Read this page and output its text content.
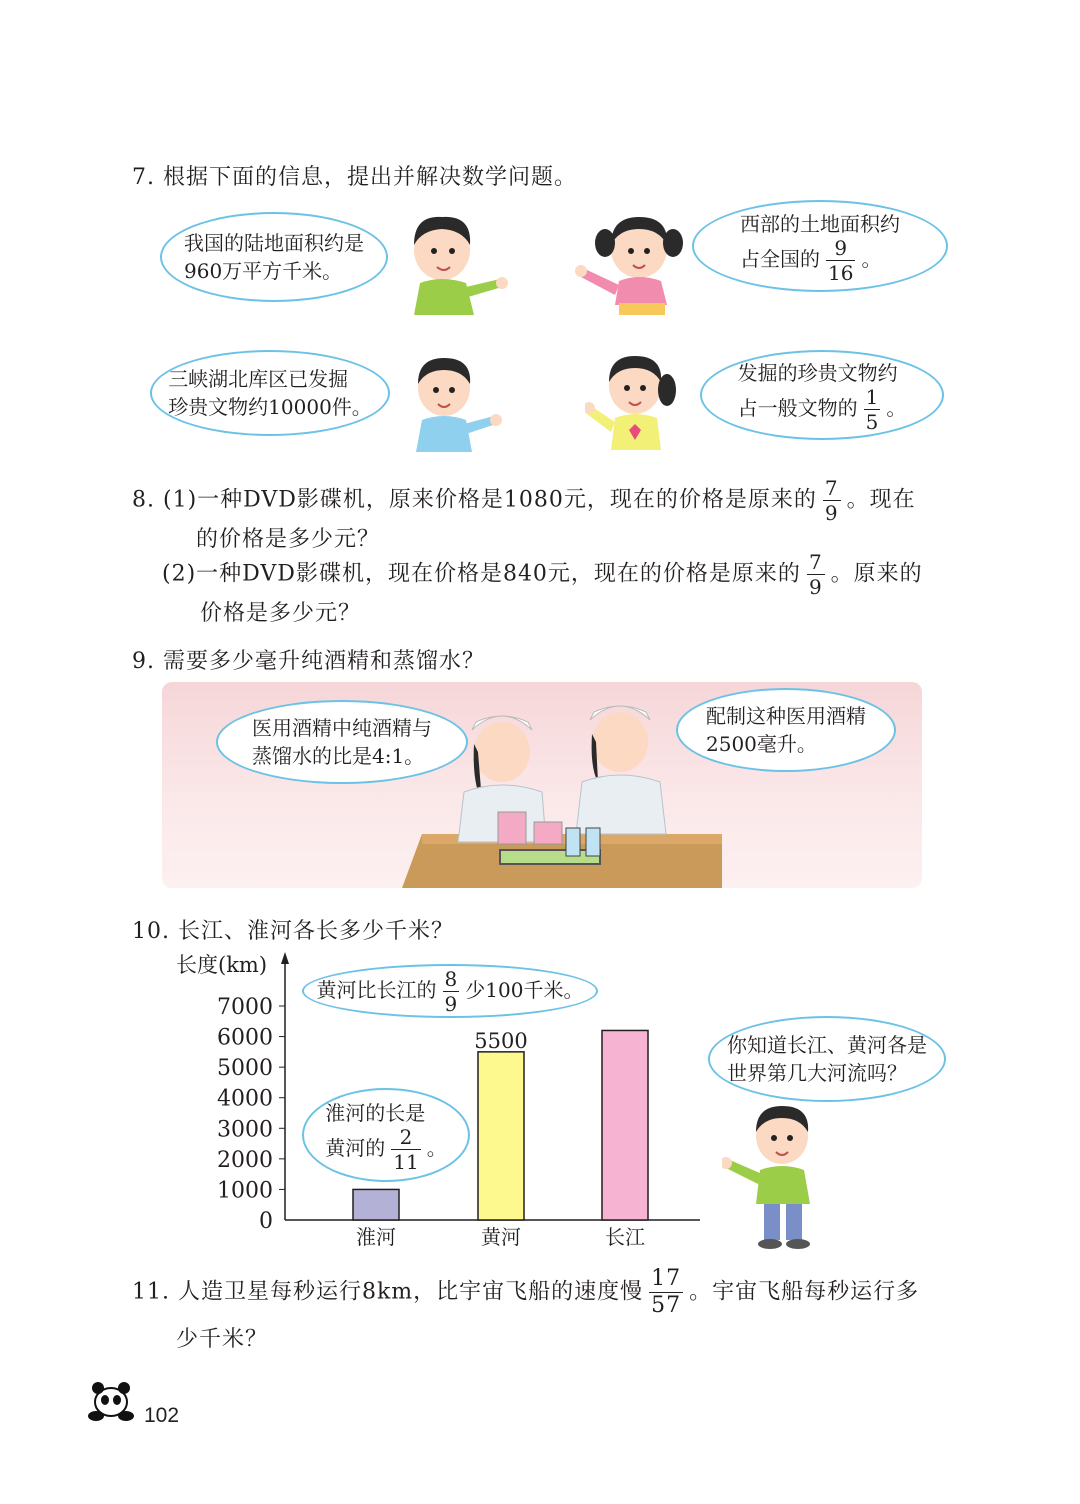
7. 根据下面的信息，提出并解决数学问题。
我国的陆地面积约是
960万平方千米。
西部的土地面积约
占全国的 $\frac{9}{16}$ 。
三峡湖北库区已发掘
珍贵文物约10000件。
发掘的珍贵文物约
占一般文物的 $\frac{1}{5}$ 。
8. (1)一种DVD影碟机，原来价格是1080元，现在的价格是原来的 $\frac{7}{9}$ 。现在
的价格是多少元？
(2)一种DVD影碟机，现在价格是840元，现在的价格是原来的 $\frac{7}{9}$ 。原来的
价格是多少元？
9. 需要多少毫升纯酒精和蒸馏水？
医用酒精中纯酒精与
蒸馏水的比是4:1。
配制这种医用酒精
2500毫升。
10. 长江、淮河各长多少千米？
长度(km)
0
1000
2000
3000
4000
5000
6000
7000
淮河	黄河	长江
5500
黄河比长江的 $\frac{8}{9}$ 少100千米。
淮河的长是
黄河的 $\frac{2}{11}$ 。
你知道长江、黄河各是
世界第几大河流吗？
11. 人造卫星每秒运行8km，比宇宙飞船的速度慢 $\frac{17}{57}$ 。宇宙飞船每秒运行多
少千米？
102
